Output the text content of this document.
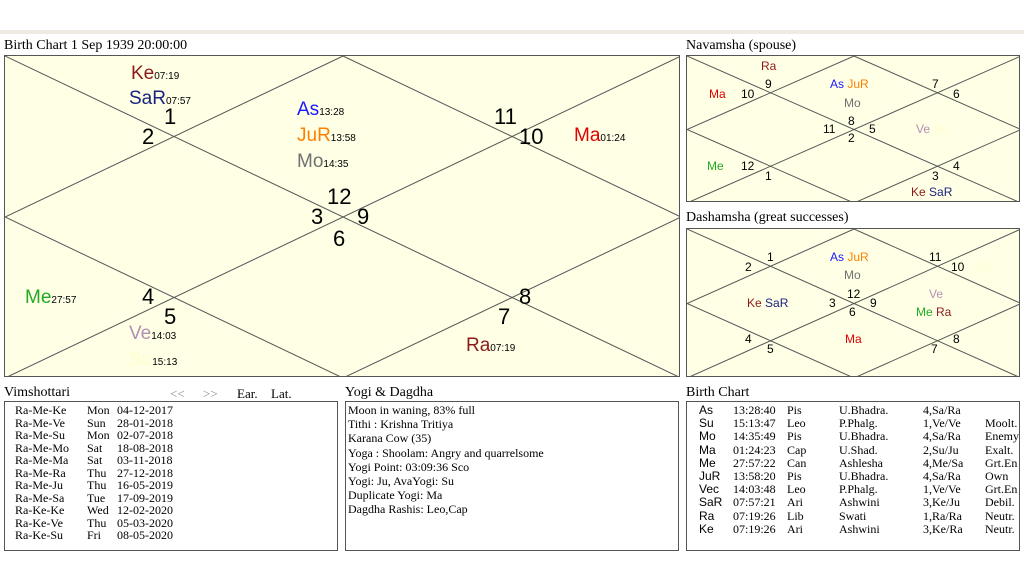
Birth Chart 1 Sep 1939 20:00:00
1
2
12
3 9
6
11
10
4
5
8
7
Ke07:19
SaR07:57	As13:28
JuR13:58
Mo14:35
Ma01:24
Me27:57
Ve14:03
Su15:13
Ra07:19
Navamsha (spouse)
9
10
7
6
8
11	5
2
12
1	3
4
Ra
Ma
As JuR
Mo
Ve Su
Me
Ke SaR
Dashamsha (great successes)
2
1	11
10
12
3	9
6
4
5	7
8
As JuR
Mo
Su
Ke SaR
Ve
Me Ra
Ma
Vimshottari	<< >> Ear. Lat.
Ra-Me-Ke Mon 04-12-2017
Ra-Me-Ve Sun 28-01-2018
Ra-Me-Su Mon 02-07-2018
Ra-Me-Mo Sat 18-08-2018
Ra-Me-Ma Sat 03-11-2018
Ra-Me-Ra Thu 27-12-2018
Ra-Me-Ju Thu 16-05-2019
Ra-Me-Sa Tue 17-09-2019
Ra-Ke-Ke Wed 12-02-2020
Ra-Ke-Ve Thu 05-03-2020
Ra-Ke-Su Fri 08-05-2020
Yogi & Dagdha
Moon in waning, 83% full
Tithi : Krishna Tritiya
Karana Cow (35)
Yoga : Shoolam: Angry and quarrelsome
Yogi Point: 03:09:36 Sco
Yogi: Ju, AvaYogi: Su
Duplicate Yogi: Ma
Dagdha Rashis: Leo,Cap
Birth Chart
As 13:28:40 Pis	U.Bhadra.	4,Sa/Ra
Su 15:13:47 Leo	P.Phalg.	1,Ve/Ve Moolt.
Mo 14:35:49 Pis	U.Bhadra.	4,Sa/Ra Enemy
Ma 01:24:23 Cap	U.Shad.	2,Su/Ju Exalt.
Me 27:57:22 Can	Ashlesha	4,Me/Sa Grt.En
JuR 13:58:20 Pis	U.Bhadra.	4,Sa/Ra Own
Vec 14:03:48 Leo	P.Phalg.	1,Ve/Ve Grt.En
SaR 07:57:21 Ari	Ashwini	3,Ke/Ju Debil.
Ra 07:19:26 Lib	Swati	1,Ra/Ra Neutr.
Ke 07:19:26 Ari	Ashwini	3,Ke/Ra Neutr.
